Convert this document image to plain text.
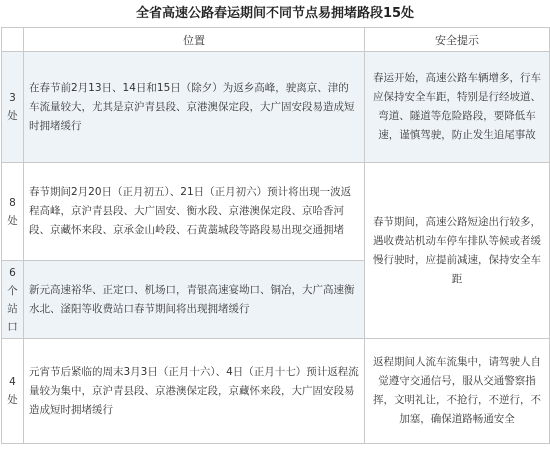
全省高速公路春运期间不同节点易拥堵路段15处
	位置	安全提示
3处	在春节前2月13日、14日和15日（除夕）为返乡高峰，驶离京、津的车流量较大，尤其是京沪青县段、京港澳保定段，大广固安段易造成短时拥堵缓行	春运开始，高速公路车辆增多，行车应保持安全车距，特别是行经坡道、弯道、隧道等危险路段，要降低车速，谨慎驾驶，防止发生追尾事故
8处	春节期间2月20日（正月初五）、21日（正月初六）预计将出现一波返程高峰，京沪青县段、大广固安、衡水段、京港澳保定段、京哈香河段、京藏怀来段、京承金山岭段、石黄藁城段等路段易出现交通拥堵	春节期间，高速公路短途出行较多，遇收费站机动车停车排队等候或者缓慢行驶时，应提前减速，保持安全车距
6个站口	新元高速裕华、正定口、机场口，青银高速宴坳口、铜冶，大广高速衡水北、滏阳等收费站口春节期间将出现拥堵缓行	
4处	元宵节后紧临的周末3月3日（正月十六）、4日（正月十七）预计返程流量较为集中，京沪青县段、京港澳保定段，京藏怀来段，大广固安段易造成短时拥堵缓行	返程期间人流车流集中，请驾驶人自觉遵守交通信号，服从交通警察指挥，文明礼让，不抢行，不逆行，不加塞，确保道路畅通安全
